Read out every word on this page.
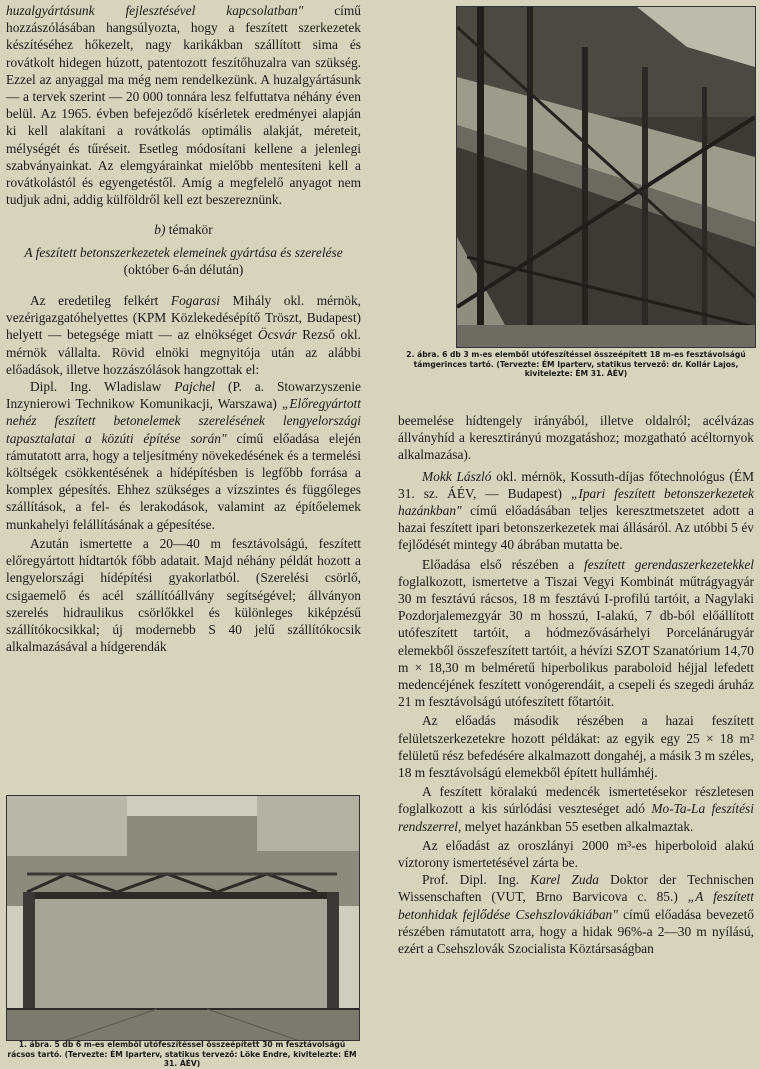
huzalgyártásunk fejlesztésével kapcsolatban" című hozzászólásában hangsúlyozta, hogy a feszített szerkezetek készítéséhez hőkezelt, nagy karikákban szállított sima és rovátkolt hidegen húzott, patentozott feszítőhuzalra van szükség. Ezzel az anyaggal ma még nem rendelkezünk. A huzalgyártásunk — a tervek szerint — 20 000 tonnára lesz felfuttatva néhány éven belül. Az 1965. évben befejeződő kísérletek eredményei alapján ki kell alakítani a rovátkolás optimális alakját, méreteit, mélységét és tűréseit. Esetleg módosítani kellene a jelenlegi szabványainkat. Az elemgyárainkat mielőbb mentesíteni kell a rovátkolástól és egyengetéstől. Amíg a megfelelő anyagot nem tudjuk adni, addig külföldről kell ezt beszereznünk.

b) témakör

A feszített betonszerkezetek elemeinek gyártása és szerelése (október 6-án délután)

Az eredetileg felkért Fogarasi Mihály okl. mérnök, vezérigazgatóhelyettes (KPM Közlekedésépítő Tröszt, Budapest) helyett — betegsége miatt — az elnökséget Öcsvár Rezső okl. mérnök vállalta. Rövid elnöki megnyitója után az alábbi előadások, illetve hozzászólások hangzottak el:

Dipl. Ing. Wladislaw Pajchel (P. a. Stowarzyszenie Inzynierowi Technikow Komunikacji, Warszawa) „Előregyártott nehéz feszített betonelemek szerelésének lengyelországi tapasztalatai a közúti építése során" című előadása elején rámutatott arra, hogy a teljesítmény növekedésének és a termelési költségek csökkentésének a hídépítésben is legfőbb forrása a komplex gépesítés. Ehhez szükséges a vízszintes és függőleges szállítások, a fel- és lerakodások, valamint az építőelemek munkahelyi felállításának a gépesítése.

Azután ismertette a 20—40 m fesztávolságú, feszített előregyártott hídtartók főbb adatait. Majd néhány példát hozott a lengyelországi hídépítési gyakorlatból. (Szerelési csörlő, csigaemelő és acél szállítóállvány segítségével; állványon szerelés hidraulikus csörlőkkel és különleges kiképzésű szállítókocsikkal; új modernebb S 40 jelű szállítókocsik alkalmazásával a hídgerendák

1. ábra. 5 db 6 m-es elemből utófeszítéssel összeépített 30 m fesztávolságú rácsos tartó. (Tervezte: ÉM Iparterv, statikus tervező: Löke Endre, kivitelezte: ÉM 31. ÁÉV)

2. ábra. 6 db 3 m-es elemből utófeszítéssel összeépített 18 m-es fesztávolságú támgerinces tartó. (Tervezte: ÉM Iparterv, statikus tervező: dr. Kollár Lajos, kivitelezte: ÉM 31. ÁÉV)

beemelése hídtengely irányából, illetve oldalról; acélvázas állványhíd a keresztirányú mozgatáshoz; mozgatható acéltornyok alkalmazása).

Mokk László okl. mérnök, Kossuth-díjas főtechnológus (ÉM 31. sz. ÁÉV, — Budapest) „Ipari feszített betonszerkezetek hazánkban" című előadásában teljes keresztmetszetet adott a hazai feszített ipari betonszerkezetek mai állásáról. Az utóbbi 5 év fejlődését mintegy 40 ábrában mutatta be.

Előadása első részében a feszített gerendaszerkezetekkel foglalkozott, ismertetve a Tiszai Vegyi Kombinát műtrágyagyár 30 m fesztávú rácsos, 18 m fesztávú I-profilú tartóit, a Nagylaki Pozdorjalemezgyár 30 m hosszú, I-alakú, 7 db-ból előállított utófeszített tartóit, a hódmezővásárhelyi Porcelánárugyár elemekből összefeszített tartóit, a hévízi SZOT Szanatórium 14,70 m × 18,30 m belméretű hiperbolikus paraboloid héjjal lefedett medencéjének feszített vonógerendáit, a csepeli és szegedi áruház 21 m fesztávolságú utófeszített főtartóit.

Az előadás második részében a hazai feszített felületszerkezetekre hozott példákat: az egyik egy 25 × 18 m² felületű rész befedésére alkalmazott dongahéj, a másik 3 m széles, 18 m fesztávolságú elemekből épített hullámhéj.

A feszített köralakú medencék ismertetésekor részletesen foglalkozott a kis súrlódási veszteséget adó Mo-Ta-La feszítési rendszerrel, melyet hazánkban 55 esetben alkalmaztak.

Az előadást az oroszlányi 2000 m³-es hiperboloid alakú víztorony ismertetésével zárta be.

Prof. Dipl. Ing. Karel Zuda Doktor der Technischen Wissenschaften (VUT, Brno Barvicova c. 85.) „A feszített betonhidak fejlődése Csehszlovákiában" című előadása bevezető részében rámutatott arra, hogy a hidak 96%-a 2—30 m nyílású, ezért a Csehszlovák Szocialista Köztársaságban
